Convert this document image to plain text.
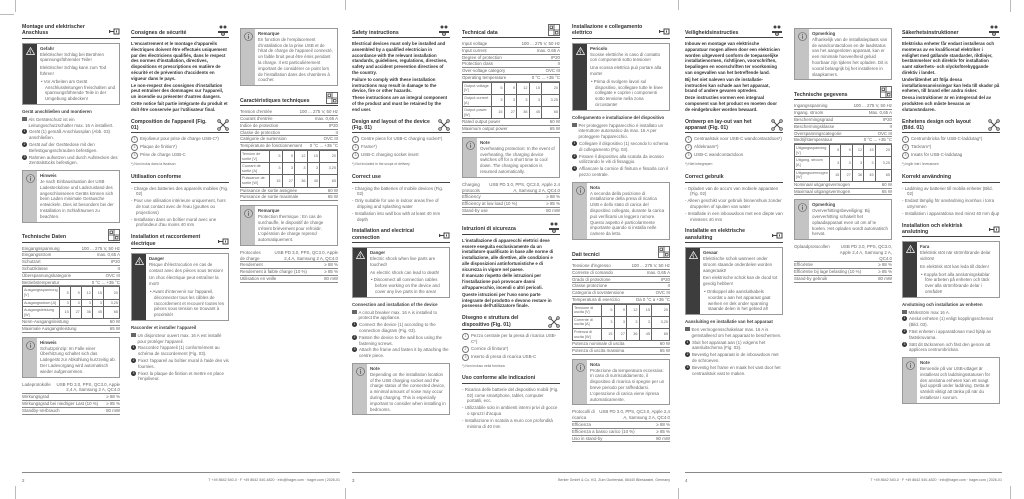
2	T +49 8642 540-0 · F +49 8642 540-4820 · info@hager.com · hager.com | 2026-01
Montage und elektrischer Anschluss
Gefahr
Elektrischer Schlag bei Berühren spannungsführender Teile!
Elektrischer Schlag kann zum Tod führen!
• Vor Arbeiten am Gerät Anschlussleitungen freischalten und spannungsführende Teile in der Umgebung abdecken!
Gerät anschließen und montieren
Als Geräteschutz ist ein Leitungsschutzschalter max. 16 A installiert.
1 Gerät (1) gemäß Anschlussplan (Abb. 03) anschließen.
2 Gerät auf der Gerätedose mit den Befestigungsschrauben befestigen.
3 Rahmen aufsetzen und durch Aufstecken des Zentralstücks befestigen.
Hinweis
Je nach Einbausituation der USB Ladesteckdose und Ladezustand des angeschlossenen Geräts können sich beim Laden minimale Geräusche entwickeln. Dies ist besonders bei der Installation in Schlafräumen zu beachten.
Technische Daten
Eingangsspannung	100 ... 275 V, 50 Hz
Eingangsstrom	max. 0,65 A
Schutzart	IP20
Schutzklasse	II
Überspannungskategorie	OVC III
Betriebstemperatur	0 °C ... +35 °C
Ausgangsspannung [V]	5	9	12	15	20
Ausgangsstrom [A]	3	3	3	3	3,25
Ausgangsleistung [W]	15	27	36	45	65
Nenn-Ausgangsleistung	60 W
Maximale Ausgangsleistung	65 W
Hinweis
Schutzprinzip: Im Falle einer Überhitzung schaltet sich das Ladegerät zur Abkühlung kurzzeitig ab. Der Ladevorgang wird automatisch wieder aufgenommen.
Ladeprotokolle	USB PD 3.0, PPS, QC3.0, Apple 2,4 A, Samsung 2 A, QC4.0
Wirkungsgrad	≥ 88 %
Wirkungsgrad bei niedriger Last (10 %) ≥ 85 %
Standby-Verbrauch	80 mW
Consignes de sécurité
L'encastrement et le montage d'appareils électriques doivent être effectués uniquement par des électriciens qualifiés, dans le respect des normes d'installation, directives, dispositions et prescriptions en matière de sécurité et de prévention d'accidents en vigueur dans le pays.
Le non-respect des consignes d'installation peut entraîner des dommages sur l'appareil, un incendie ou présenter d'autres dangers.
Cette notice fait partie intégrante du produit et doit être conservée par l'utilisateur final.
Composition de l'appareil (Fig. 01)
1	Enjoliveur pour prise de charge USB-C*)
2	Plaque de finition*)
3	Prise de charge USB-C
*) Non inclus dans la livraison
Utilisation conforme
- Charge des batteries des appareils mobiles (Fig. 02)
- Pour une utilisation intérieure uniquement, hors de tout contact avec de l'eau (gouttes ou projections)
- Installation dans un boîtier mural avec une profondeur d'au moins 40 mm
Installation et raccordement électrique
Danger
Risque d'électrocution en cas de contact avec des pièces sous tension!
Un choc électrique peut entraîner la mort!
• Avant d'intervenir sur l'appareil, déconnecter tous les câbles de raccordement et recouvrir toutes les pièces sous tension se trouvant à proximité!
Raccorder et installer l'appareil
Un disjoncteur ouvert max. 16 A est installé pour protéger l'appareil.
1 Raccordez l'appareil (1) conformément au schéma de raccordement (Fig. 03).
2 Fixez l'appareil au boîtier mural à l'aide des vis fournies.
3 Fixez la plaque de finition et mettre en place l'enjoliveur.
Remarque
En fonction de l'emplacement d'installation de la prise USB et de l'état de charge de l'appareil connecté, un faible bruit peut être émis pendant la charge. Il est particulièrement important de considérer ce point lors de l'installation dans des chambres à coucher.
Caractéristiques techniques
Tension d'entrée	100 ... 275 V, 50 Hz
Courant d'entrée	max. 0,65 A
Indice de protection	IP20
Classe de protection	II
Catégorie de surtension	OVC III
Température de fonctionnement 0 °C ... +35 °C
Tension de sortie [V]	5	9	12	15	20
Courant de sortie [A]	3	3	3	3	3,25
Puissance de sortie [W]	15	27	36	45	65
Puissance de sortie assignée	60 W
Puissance de sortie maximale	65 W
Remarque
Protection thermique : En cas de surchauffe, le dispositif de charge s'éteint brièvement pour refroidir. L'opération de charge reprend automatiquement.
Protocoles de charge
USB PD 3.0, PPS, QC3.0, Apple 2,4 A, Samsung 2 A, QC4.0
Rendement	≥ 88 %
Rendement à faible charge (10 %)	≥ 85 %
Utilisation en veille	80 mW
3	Berker GmbH & Co. KG, Zum Gunterstal, 66440 Blieskastel, Germany
Safety instructions
Electrical devices must only be installed and assembled by a qualified electrician in accordance with the relevant installation standards, guidelines, regulations, directives, safety and accident prevention directives of the country.
Failure to comply with these installation instructions may result in damage to the device, fire or other hazards.
These instructions are an integral component of the product and must be retained by the end user.
Design and layout of the device (Fig. 01)
1	Centre piece for USB-C charging socket*)
2	Frame*)
3	USB-C charging socket insert
*) Not included in the scope of delivery
Correct use
- Charging the batteries of mobile devices (Fig. 02)
- Only suitable for use in indoor areas free of dripping and splashing water
- Installation into wall box with at least 40 mm depth
Installation and electrical connection
Danger
Electric shock when live parts are touched!
An electric shock can lead to death!
• Disconnect all connection cables before working on the device and cover any live parts in the area!
Connection and installation of the device
A circuit breaker max. 16 A is installed to protect the appliance.
1 Connect the device (1) according to the connection diagram (Fig. 03).
2 Fasten the device to the wall box using the fastening screws.
3 Attach the frame and fasten it by attaching the centre piece.
Note
Depending on the installation location of the USB charging socket and the charge status of the connected device, a minimal amount of noise may occur during charging. This is especially important to consider when installing in bedrooms.
Technical data
Input voltage	100 ... 275 V, 50 Hz
Input current	max. 0.65 A
Degree of protection	IP20
Protection class	II
Over-voltage category	OVC III
Operating temperature	0 °C ... +35 °C
Output voltage [V]	5	9	12	15	20
Output current [A]	3	3	3	3	3.25
Output power [W]	15	27	36	45	65
Rated output power	60 W
Maximum output power	65 W
Note
Overheating protection: In the event of overheating, the charging device switches off for a short time to cool down. The charging operation is resumed automatically.
Charging protocols
USB PD 3.0, PPS, QC3.0, Apple 2.4 A, Samsung 2 A, QC4.0
Efficiency	≥ 88 %
Efficiency at low load (10 %)	≥ 85 %
Stand-by use	80 mW
Istruzioni di sicurezza
L'installazione di apparecchi elettrici deve essere eseguita esclusivamente da un installatore qualificato in base alle norme di installazione, alle direttive, alle condizioni e alle disposizioni antinfortunistiche e di sicurezza in vigore nel paese.
Il mancato rispetto delle istruzioni per l'installazione può provocare danni all'apparecchio, incendi o altri pericoli.
Queste istruzioni per l'uso sono parte integrante del prodotto e devono restare in possesso dell'utilizzatore finale.
Disegno e struttura del dispositivo (Fig. 01)
1	Pezzo centrale per la presa di ricarica USB-C*)
2	Cornice di finitura*)
3	Inserto di presa di ricarica USB-C
*) Non incluso nella fornitura
Uso conforme alle indicazioni
- Ricarica delle batterie del dispositivo mobili (Fig. 02) come smartphone, tablet, computer portatili, ecc.
- Utilizzabile solo in ambienti interni privi di gocce o spruzzi d'acqua
- Installazione in scatola a muro con profondità minima di 40 mm
Installazione e collegamento elettrico
Pericolo
Scosse elettriche in caso di contatto con componenti sotto tensione!
Una scossa elettrica può portare alla morte!
• Prima di svolgere lavori sul dispositivo, scollegare tutte le linee collegate e coprire i componenti sotto tensione nella zona circostante!
Collegamento e installazione del dispositivo
Per proteggere l'apparecchio è installato un interruttore automatico da max. 16 A per proteggere l'apparecchio.
1 Collegare il dispositivo (1) secondo lo schema di collegamento (Fig. 03).
2 Fissare il dispositivo alla scatola da incasso utilizzando le viti di fissaggio.
3 Affiancare la cornice di finitura e fissarla con il pezzo centrale.
Nota
A seconda della posizione di installazione della presa di ricarica USB e dello stato di carica del dispositivo collegato, durante la carica può verificarsi un leggero rumore. Questo aspetto è particolarmente importante quando si installa nelle camere da letto.
Dati tecnici
Tensione d'ingresso	100 ... 275 V, 50 Hz
Corrente di comando	max. 0,65 A
Grado di protezione	IP20
Classe protezione	II
Categoria di sovratensione	OVC III
Temperatura di esercizio	Da 0 °C a +35 °C
Tensione di uscita [V]	5	9	12	15	20
Corrente di uscita [A]	3	3	3	3	3,25
Potenza di uscita [W]	15	27	36	45	65
Potenza nominale di uscita	60 W
Potenza di uscita massima	65 W
Nota
Protezione da temperatura eccessiva: In caso di surriscaldamento, il dispositivo di ricarica si spegne per un breve periodo per raffreddarsi. L'operazione di carica viene ripresa automaticamente.
Protocolli di ricarica
USB PD 3.0, PPS, QC3.0, Apple 2,4 A, Samsung 2 A, QC4.0
Efficienza	≥ 88 %
Efficienza a basso carico (10 %)	≥ 85 %
Uso in stand-by	80 mW
4	T +49 8642 540-0 · F +49 8642 540-4820 · info@hager.com · hager.com | 2026-01
Veiligheidsinstructies
Inbouw en montage van elektrische apparatuur mogen alleen door een elektricien worden uitgevoerd conform de toepasselijke installatienormen, richtlijnen, voorschriften, bepalingen en voorschriften ter voorkoming van ongevallen van het betreffende land.
Bij het niet naleven van de installatie-instructies kan schade aan het apparaat, brand of andere gevaren optreden.
Deze instructies vormen een integraal component van het product en moeten door de eindgebruiker worden bewaard.
Ontwerp en lay-out van het apparaat (Fig. 01)
1	Centraalstuk voor USB-C wandcontactdoos*)
2	Afdekraam*)
3	USB-C wandcontactdoos
*) Niet inbegrepen
Correct gebruik
- Opladen van de accu's van mobiele apparaten (Fig. 02)
- Alleen geschikt voor gebruik binnenshuis zonder druppelen of spuiten van water
- Installatie in een inbouwdoos met een diepte van minstens 40 mm
Installatie en elektrische aansluiting
Gevaar
Elektrische schok wanneer onder stroom staande onderdelen worden aangeraakt!
Een elektrische schok kan de dood tot gevolg hebben!
• Ontkoppel alle aansluitkabels voordat u aan het apparaat gaat werken en dek onder spanning staande delen in het gebied af!
Aansluiting en installatie van het apparaat
Een vermogensschakelaar max. 16 A is geïnstalleerd om het apparaat te beschermen.
1 Sluit het apparaat aan (1) volgens het aansluitschema (Fig. 03).
2 Bevestig het apparaat in de inbouwdoos met de schroeven.
3 Bevestig het frame en maak het vast door het centraalstuk vast te maken.
Opmerking
Afhankelijk van de installatieplaats van de wandcontactdoos en de laadstatus van het aangesloten apparaat, kan er een minimale hoeveelheid geluid hoorbaar zijn tijdens het opladen. Dit is vooral belangrijk bij het installeren in slaapkamers.
Technische gegevens
Ingangsspanning	100 ... 275 V, 50 Hz
Ingang. stroom	Max. 0,65 A
Beschermingsgraad	IP20
Beschermingsklasse	II
Overspanningscategorie	OVC III
Bedrijfstemperatuur	0 °C ... +35 °C
Uitgangsspanning [V]	5	9	12	15	20
Uitgang. stroom [A]	3	3	3	3	3,25
Uitgangsvermogen [W]	15	27	36	45	65
Nominaal uitgangsvermogen	60 W
Maximaal uitgangsvermogen	65 W
Opmerking
Oververhittingsbeveiliging: Bij oververhitting schakelt het oplaadapparaat even uit om af te koelen. Het opladen wordt automatisch hervat.
Oplaadprotocollen	USB PD 3.0, PPS, QC3.0, Apple 2,4 A, Samsung 2 A, QC4.0
Efficiëntie	≥ 88 %
Efficiëntie bij lage belasting (10 %)	≥ 85 %
Stand-by gebruik	80 mW
Säkerhetsinstruktioner
Elektriska enheter får endast installeras och monteras av en kvalificerad elektriker i enlighet med gällande standarder, riktlinjer, bestämmelser och direktiv för installation samt säkerhets- och olycksförebyggande direktiv i landet.
Underlåtenhet att följa dessa installationsanvisningar kan leda till skador på enheten, till brand eller andra risker.
Dessa instruktioner är en integrerad del av produkten och måste bevaras av slutanvändaren.
Enhetens design och layout (Bild. 01)
1	Centrumbricka för USB-C-laddutag*)
2	Täckram*)
3	Insats för USB-C-laddutag
*) Ingår inte i leveransen
Korrekt användning
- Laddning av batterier till mobila enheter (Bild. 02)
- Endast lämplig för användning inomhus i torra utrymmen
- Installation i apparatdosa med minst 40 mm djup
Installation och elektrisk anslutning
Fara
Elektrisk stöt när strömförande delar vidrörs!
En elektrisk stöt kan leda till döden!
• Koppla bort alla anslutningskablar före arbeten på enheten och täck över alla strömförande delar i området!
Anslutning och installation av enheten
Märkström max 16 A.
1 Anslut enheten (1) enligt kopplingsschemat (Bild. 03).
2 Fäst enheten i apparatdosan med hjälp av fästskruvarna.
3 Sätt dit täckramen och fäst den genom att applicera centrumbrickan.
Note
Beroende på var USB-uttaget är installerat och laddningsstatusen för den anslutna enheten kan ett svagt ljud uppstå under laddning. Detta är särskilt viktigt att tänka på när du installerar i sovrum.
